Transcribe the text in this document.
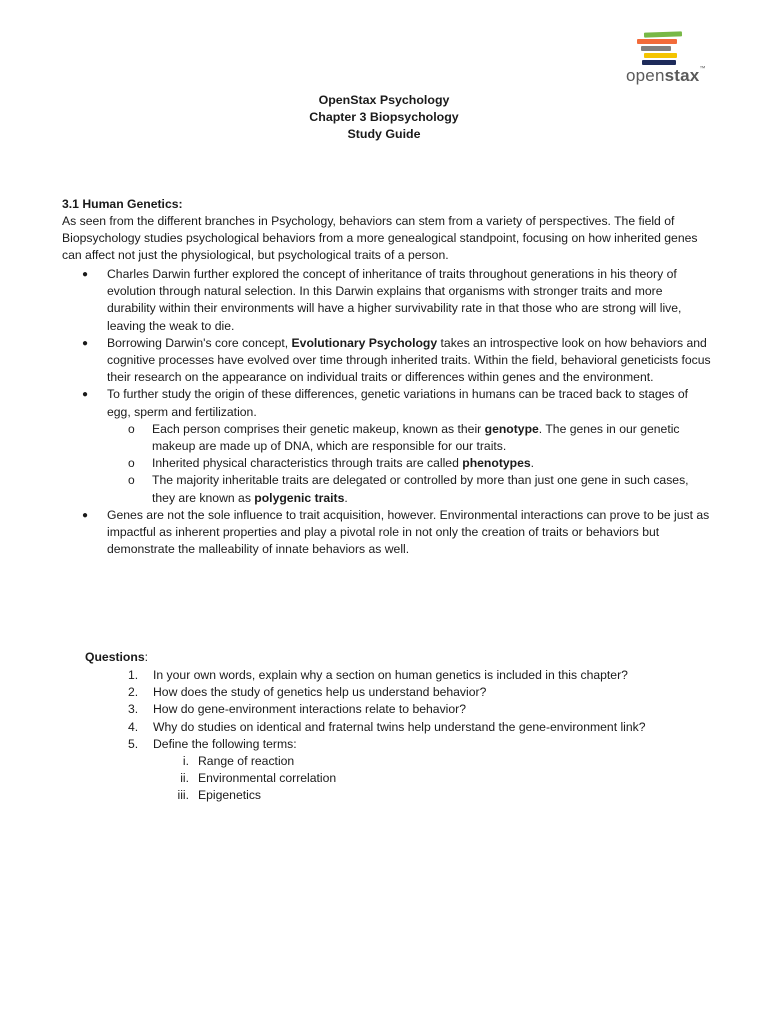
openstax™
OpenStax Psychology
Chapter 3 Biopsychology
Study Guide
3.1 Human Genetics:

As seen from the different branches in Psychology, behaviors can stem from a variety of perspectives. The field of Biopsychology studies psychological behaviors from a more genealogical standpoint, focusing on how inherited genes can affect not just the physiological, but psychological traits of a person.

● Charles Darwin further explored the concept of inheritance of traits throughout generations in his theory of evolution through natural selection. In this Darwin explains that organisms with stronger traits and more durability within their environments will have a higher survivability rate in that those who are strong will live, leaving the weak to die.
● Borrowing Darwin's core concept, Evolutionary Psychology takes an introspective look on how behaviors and cognitive processes have evolved over time through inherited traits. Within the field, behavioral geneticists focus their research on the appearance on individual traits or differences within genes and the environment.
● To further study the origin of these differences, genetic variations in humans can be traced back to stages of egg, sperm and fertilization.
o Each person comprises their genetic makeup, known as their genotype. The genes in our genetic makeup are made up of DNA, which are responsible for our traits.
o Inherited physical characteristics through traits are called phenotypes.
o The majority inheritable traits are delegated or controlled by more than just one gene in such cases, they are known as polygenic traits.
● Genes are not the sole influence to trait acquisition, however. Environmental interactions can prove to be just as impactful as inherent properties and play a pivotal role in not only the creation of traits or behaviors but demonstrate the malleability of innate behaviors as well.
Questions:
1. In your own words, explain why a section on human genetics is included in this chapter?
2. How does the study of genetics help us understand behavior?
3. How do gene-environment interactions relate to behavior?
4. Why do studies on identical and fraternal twins help understand the gene-environment link?
5. Define the following terms:
i. Range of reaction
ii. Environmental correlation
iii. Epigenetics
